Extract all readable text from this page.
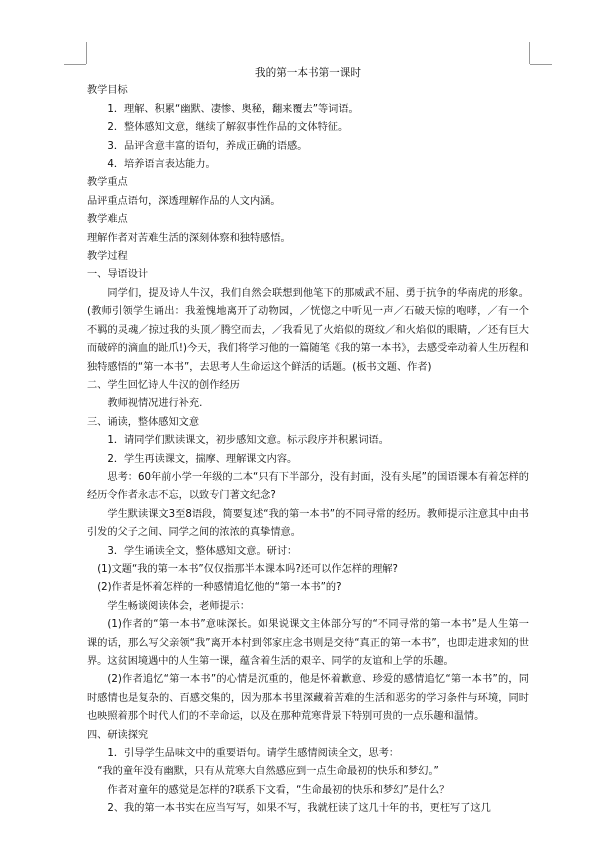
我的第一本书第一课时

教学目标

1．理解、积累“幽默、凄惨、奥秘，翻来覆去”等词语。

2．整体感知文意，继续了解叙事性作品的文体特征。

3．品评含意丰富的语句，养成正确的语感。

4．培养语言表达能力。

教学重点

品评重点语句，深透理解作品的人文内涵。

教学难点

理解作者对苦难生活的深刻体察和独特感悟。

教学过程

一、导语设计

同学们，提及诗人牛汉，我们自然会联想到他笔下的那威武不屈、勇于抗争的华南虎的形象。(教师引领学生诵出：我羞愧地离开了动物园，／恍惚之中听见一声／石破天惊的咆哮，／有一个不羁的灵魂／掠过我的头顶／腾空而去，／我看见了火焰似的斑纹／和火焰似的眼睛，／还有巨大而破碎的滴血的趾爪!)今天，我们将学习他的一篇随笔《我的第一本书》，去感受牵动着人生历程和独特感悟的“第一本书”，去思考人生命运这个鲜活的话题。(板书文题、作者)

二、学生回忆诗人牛汉的创作经历

教师视情况进行补充.

三、诵读，整体感知文意

1．请同学们默读课文，初步感知文意。标示段序并积累词语。

2．学生再读课文，揣摩、理解课文内容。

思考：60年前小学一年级的二本“只有下半部分，没有封面，没有头尾”的国语课本有着怎样的经历令作者永志不忘，以致专门著文纪念?

学生默读课文3至8语段，简要复述“我的第一本书”的不同寻常的经历。教师提示注意其中由书引发的父子之间、同学之间的浓浓的真挚情意。

3．学生诵读全文，整体感知文意。研讨：

(1)文题“我的第一本书”仅仅指那半本课本吗?还可以作怎样的理解?

(2)作者是怀着怎样的一种感情追忆他的“第一本书”的?

学生畅谈阅读体会，老师提示：

(1)作者的“第一本书”意味深长。如果说课文主体部分写的“不同寻常的第一本书”是人生第一课的话，那么写父亲领“我”离开本村到邻家庄念书则是交待“真正的第一本书”，也即走进求知的世界。这贫困境遇中的人生第一课，蕴含着生活的艰辛、同学的友谊和上学的乐趣。

(2)作者追忆“第一本书”的心情是沉重的，他是怀着歉意、珍爱的感情追忆“第一本书”的，同时感情也是复杂的、百感交集的，因为那本书里深藏着苦难的生活和恶劣的学习条件与环境，同时也映照着那个时代人们的不幸命运，以及在那种荒寒背景下特别可贵的一点乐趣和温情。

四、研读探究

1．引导学生品味文中的重要语句。请学生感情阅读全文，思考：

“我的童年没有幽默，只有从荒寒大自然感应到一点生命最初的快乐和梦幻。”

作者对童年的感觉是怎样的?联系下文看，“生命最初的快乐和梦幻”是什么？

2、我的第一本书实在应当写写，如果不写，我就枉读了这几十年的书，更枉写了这几
